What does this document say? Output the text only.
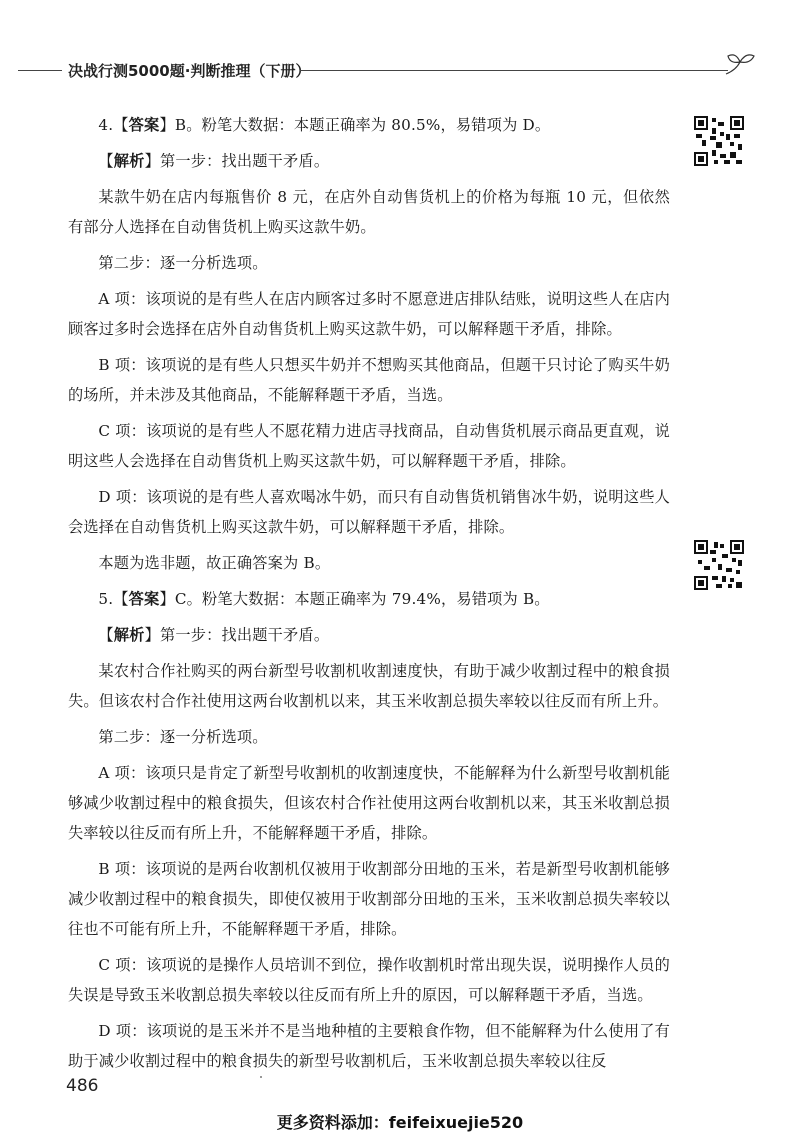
决战行测5000题·判断推理（下册）

4.【答案】B。粉笔大数据：本题正确率为 80.5%，易错项为 D。

【解析】第一步：找出题干矛盾。

某款牛奶在店内每瓶售价 8 元，在店外自动售货机上的价格为每瓶 10 元，但依然有部分人选择在自动售货机上购买这款牛奶。

第二步：逐一分析选项。

A 项：该项说的是有些人在店内顾客过多时不愿意进店排队结账，说明这些人在店内顾客过多时会选择在店外自动售货机上购买这款牛奶，可以解释题干矛盾，排除。

B 项：该项说的是有些人只想买牛奶并不想购买其他商品，但题干只讨论了购买牛奶的场所，并未涉及其他商品，不能解释题干矛盾，当选。

C 项：该项说的是有些人不愿花精力进店寻找商品，自动售货机展示商品更直观，说明这些人会选择在自动售货机上购买这款牛奶，可以解释题干矛盾，排除。

D 项：该项说的是有些人喜欢喝冰牛奶，而只有自动售货机销售冰牛奶，说明这些人会选择在自动售货机上购买这款牛奶，可以解释题干矛盾，排除。

本题为选非题，故正确答案为 B。

5.【答案】C。粉笔大数据：本题正确率为 79.4%，易错项为 B。

【解析】第一步：找出题干矛盾。

某农村合作社购买的两台新型号收割机收割速度快，有助于减少收割过程中的粮食损失。但该农村合作社使用这两台收割机以来，其玉米收割总损失率较以往反而有所上升。

第二步：逐一分析选项。

A 项：该项只是肯定了新型号收割机的收割速度快，不能解释为什么新型号收割机能够减少收割过程中的粮食损失，但该农村合作社使用这两台收割机以来，其玉米收割总损失率较以往反而有所上升，不能解释题干矛盾，排除。

B 项：该项说的是两台收割机仅被用于收割部分田地的玉米，若是新型号收割机能够减少收割过程中的粮食损失，即使仅被用于收割部分田地的玉米，玉米收割总损失率较以往也不可能有所上升，不能解释题干矛盾，排除。

C 项：该项说的是操作人员培训不到位，操作收割机时常出现失误，说明操作人员的失误是导致玉米收割总损失率较以往反而有所上升的原因，可以解释题干矛盾，当选。

D 项：该项说的是玉米并不是当地种植的主要粮食作物，但不能解释为什么使用了有助于减少收割过程中的粮食损失的新型号收割机后，玉米收割总损失率较以往反

486
更多资料添加：feifeixuejie520
